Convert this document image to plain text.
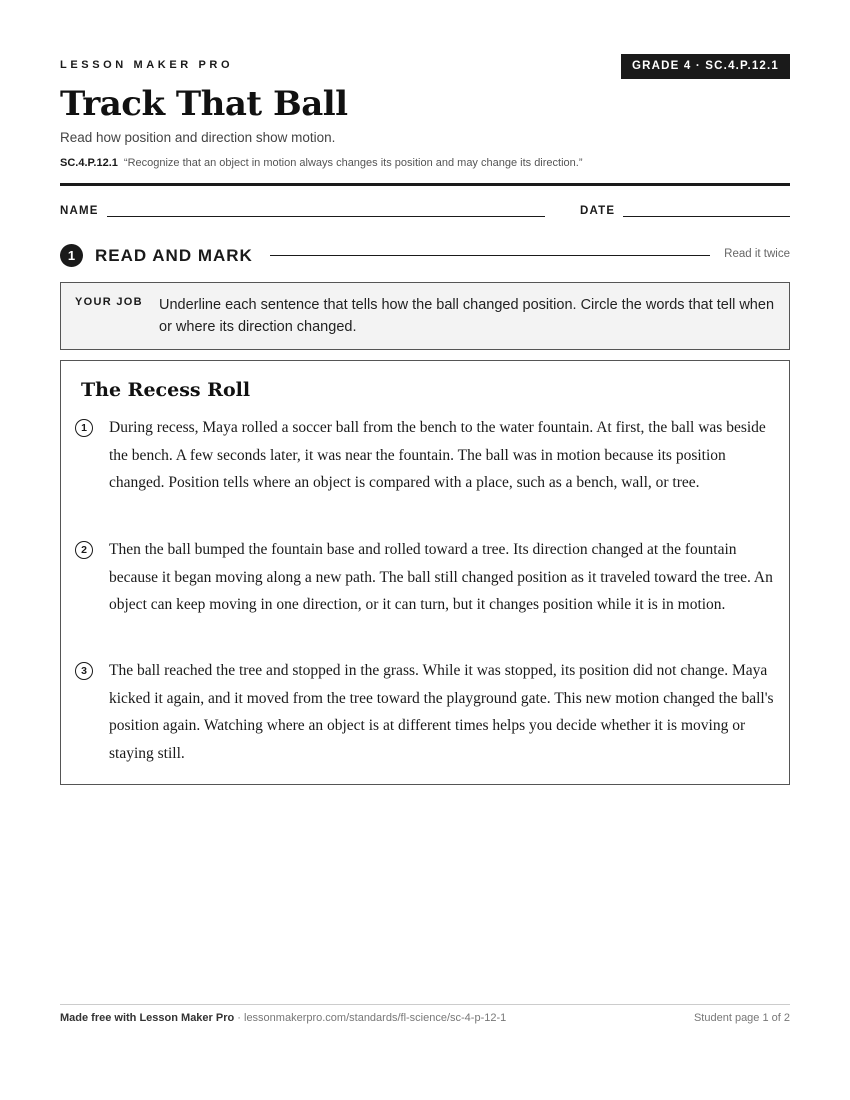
LESSON MAKER PRO	GRADE 4 · SC.4.P.12.1
Track That Ball
Read how position and direction show motion.
SC.4.P.12.1 “Recognize that an object in motion always changes its position and may change its direction.”
NAME	DATE
1	READ AND MARK	Read it twice
YOUR JOB Underline each sentence that tells how the ball changed position. Circle the words that tell when or where its direction changed.
The Recess Roll
1	During recess, Maya rolled a soccer ball from the bench to the water fountain. At first, the ball was beside the bench. A few seconds later, it was near the fountain. The ball was in motion because its position changed. Position tells where an object is compared with a place, such as a bench, wall, or tree.

2	Then the ball bumped the fountain base and rolled toward a tree. Its direction changed at the fountain because it began moving along a new path. The ball still changed position as it traveled toward the tree. An object can keep moving in one direction, or it can turn, but it changes position while it is in motion.

3	The ball reached the tree and stopped in the grass. While it was stopped, its position did not change. Maya kicked it again, and it moved from the tree toward the playground gate. This new motion changed the ball's position again. Watching where an object is at different times helps you decide whether it is moving or staying still.

Made free with Lesson Maker Pro · lessonmakerpro.com/standards/fl-science/sc-4-p-12-1	Student page 1 of 2
